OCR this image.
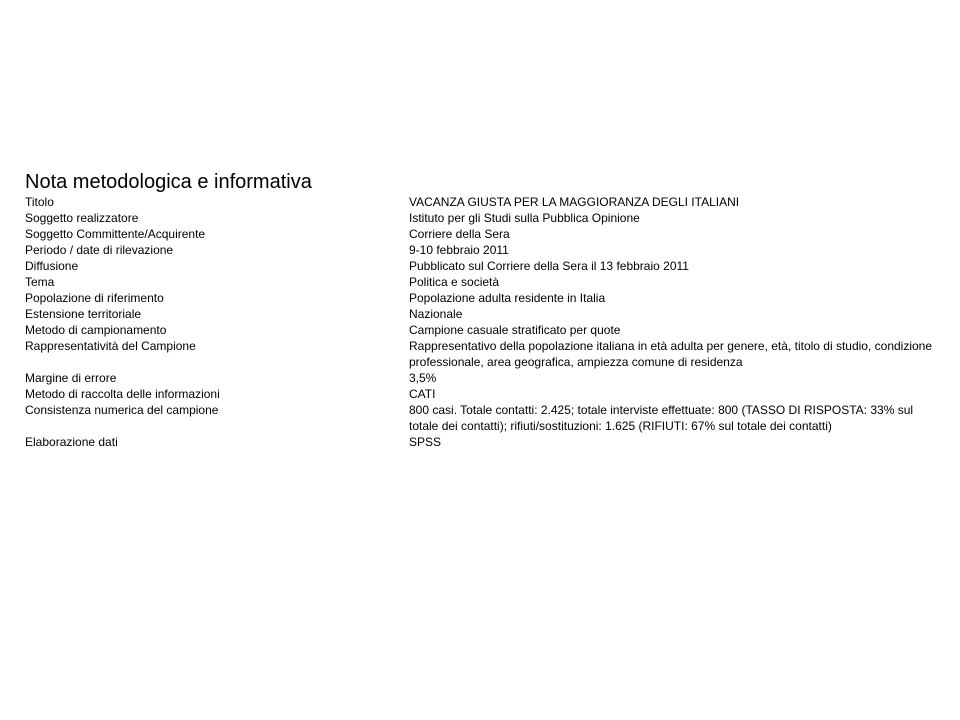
Nota metodologica e informativa
Titolo	VACANZA GIUSTA PER LA MAGGIORANZA DEGLI ITALIANI
Soggetto realizzatore	Istituto per gli Studi sulla Pubblica Opinione
Soggetto Committente/Acquirente	Corriere della Sera
Periodo / date di rilevazione	9-10 febbraio 2011
Diffusione	Pubblicato sul Corriere della Sera il 13 febbraio 2011
Tema	Politica e società
Popolazione di riferimento	Popolazione adulta residente in Italia
Estensione territoriale	Nazionale
Metodo di campionamento	Campione casuale stratificato per quote
Rappresentatività del Campione	Rappresentativo della popolazione italiana in età adulta per genere, età, titolo di studio, condizione professionale, area geografica, ampiezza comune di residenza
Margine di errore	3,5%
Metodo di raccolta delle informazioni	CATI
Consistenza numerica del campione	800 casi. Totale contatti: 2.425; totale interviste effettuate: 800 (TASSO DI RISPOSTA: 33% sul totale dei contatti); rifiuti/sostituzioni: 1.625 (RIFIUTI: 67% sul totale dei contatti)
Elaborazione dati	SPSS
